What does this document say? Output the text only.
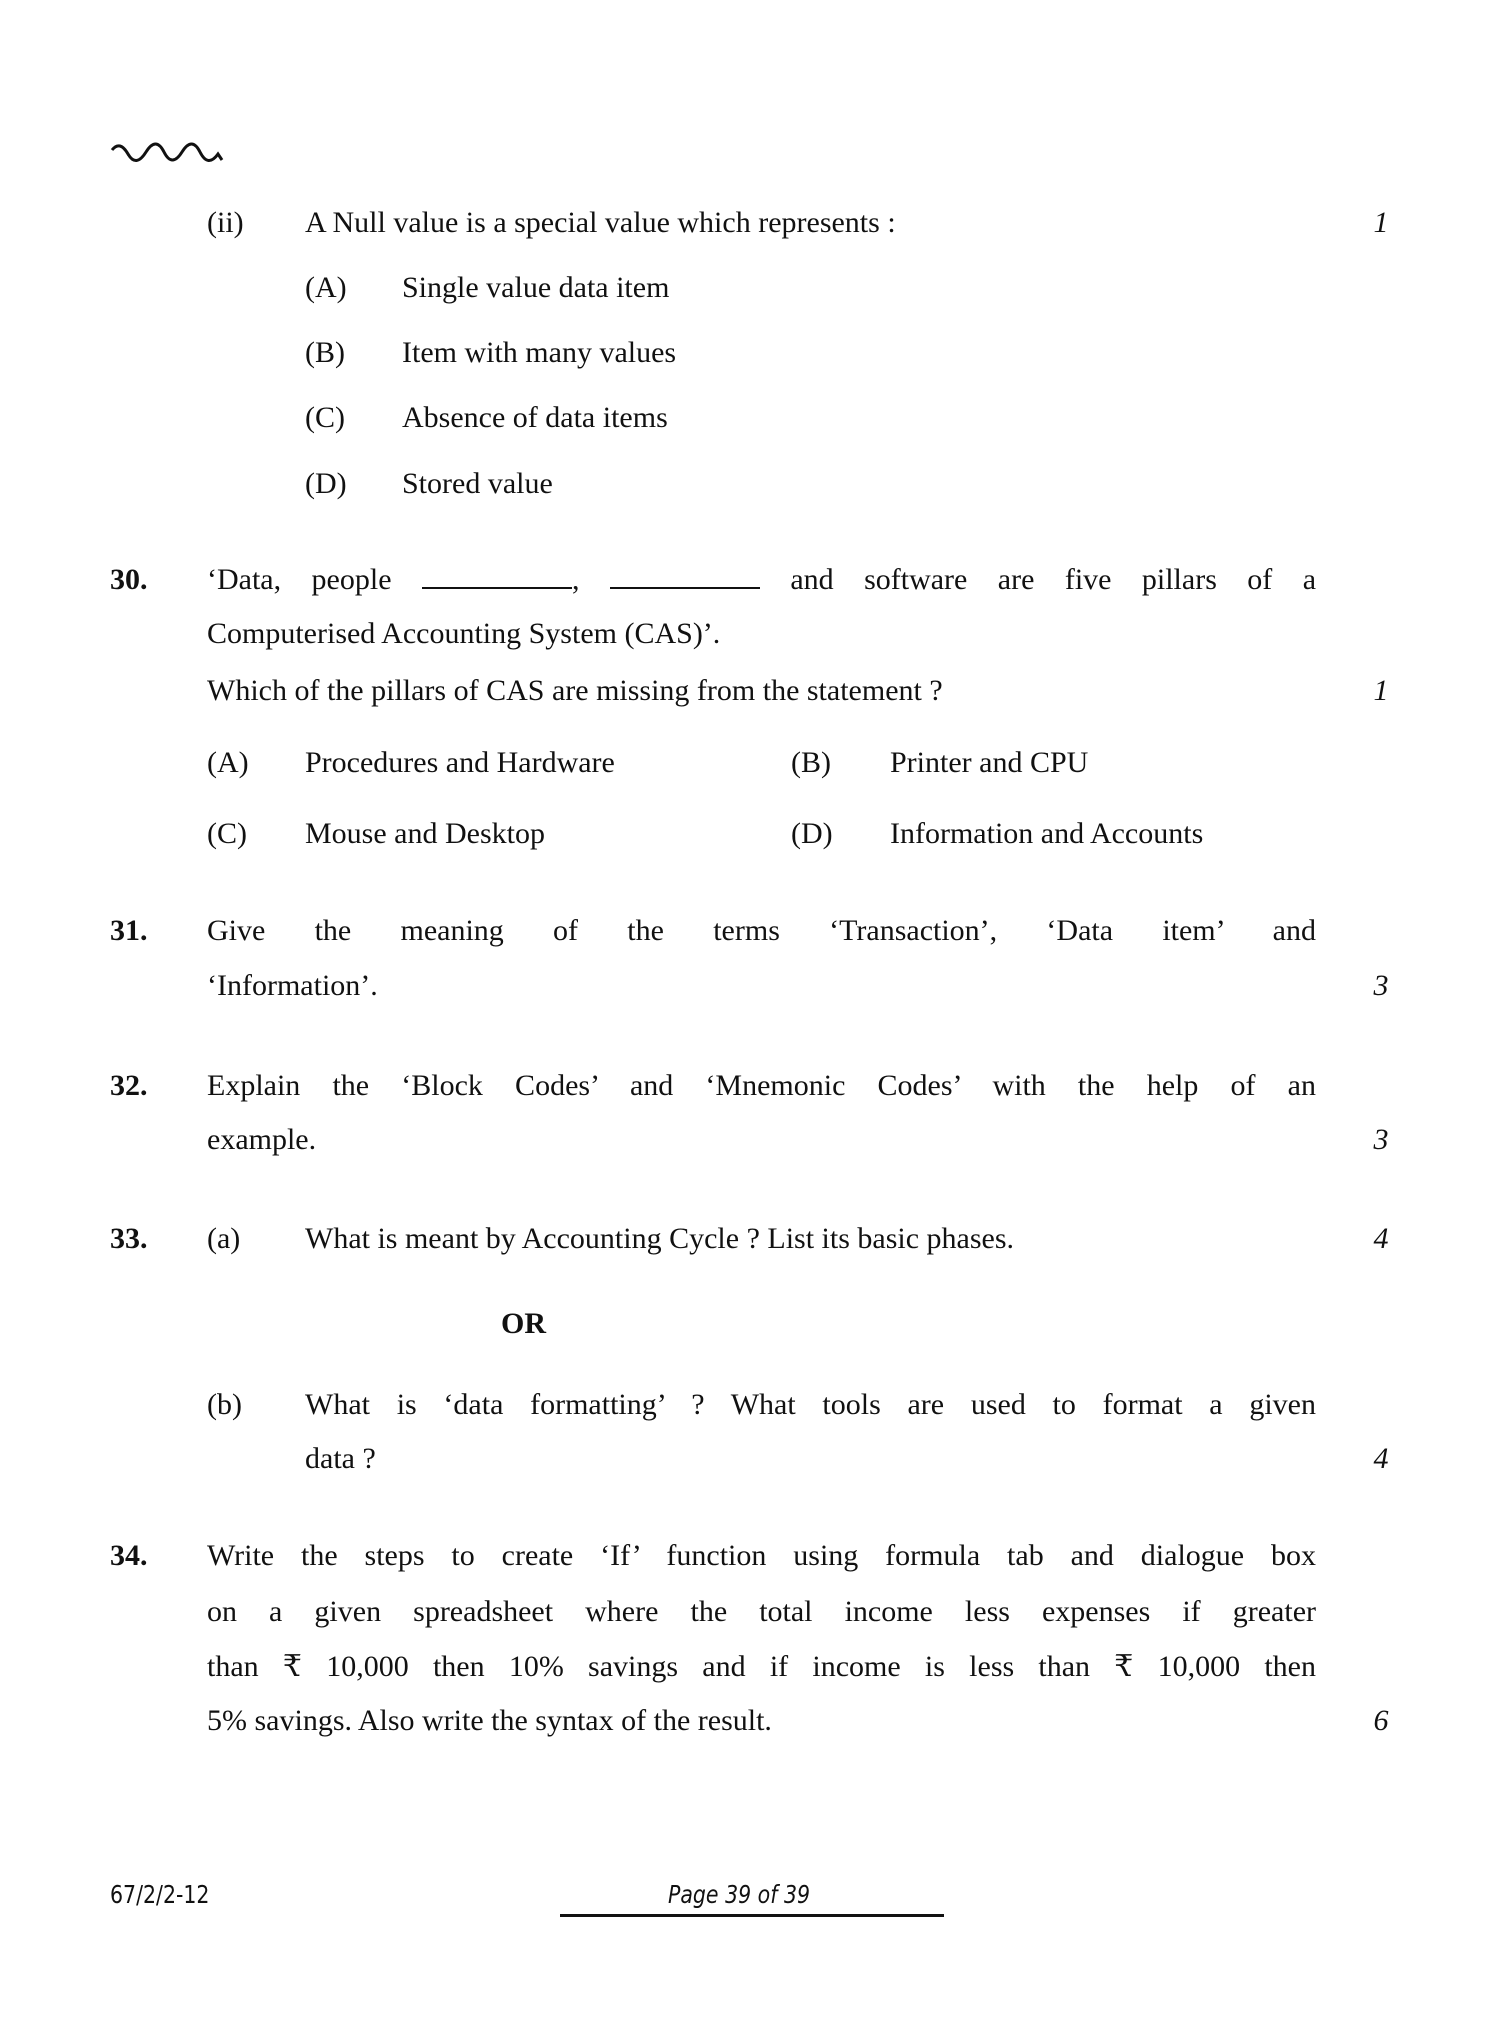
(ii) A Null value is a special value which represents :	1
(A) Single value data item
(B) Item with many values
(C) Absence of data items
(D) Stored value
30. ‘Data, people	,	and software are five pillars of a
Computerised Accounting System (CAS)’.
Which of the pillars of CAS are missing from the statement ?	1
(A) Procedures and Hardware	(B) Printer and CPU
(C) Mouse and Desktop	(D) Information and Accounts
31. Give the meaning of the terms ‘Transaction’, ‘Data item’ and
‘Information’.	3
32. Explain the ‘Block Codes’ and ‘Mnemonic Codes’ with the help of an
example.	3
33. (a) What is meant by Accounting Cycle ? List its basic phases.	4
OR
(b) What is ‘data formatting’ ? What tools are used to format a given
data ?	4
34. Write the steps to create ‘If’ function using formula tab and dialogue box
on a given spreadsheet where the total income less expenses if greater
than ₹ 10,000 then 10% savings and if income is less than ₹ 10,000 then
5% savings. Also write the syntax of the result.	6
67/2/2-12	Page 39 of 39
